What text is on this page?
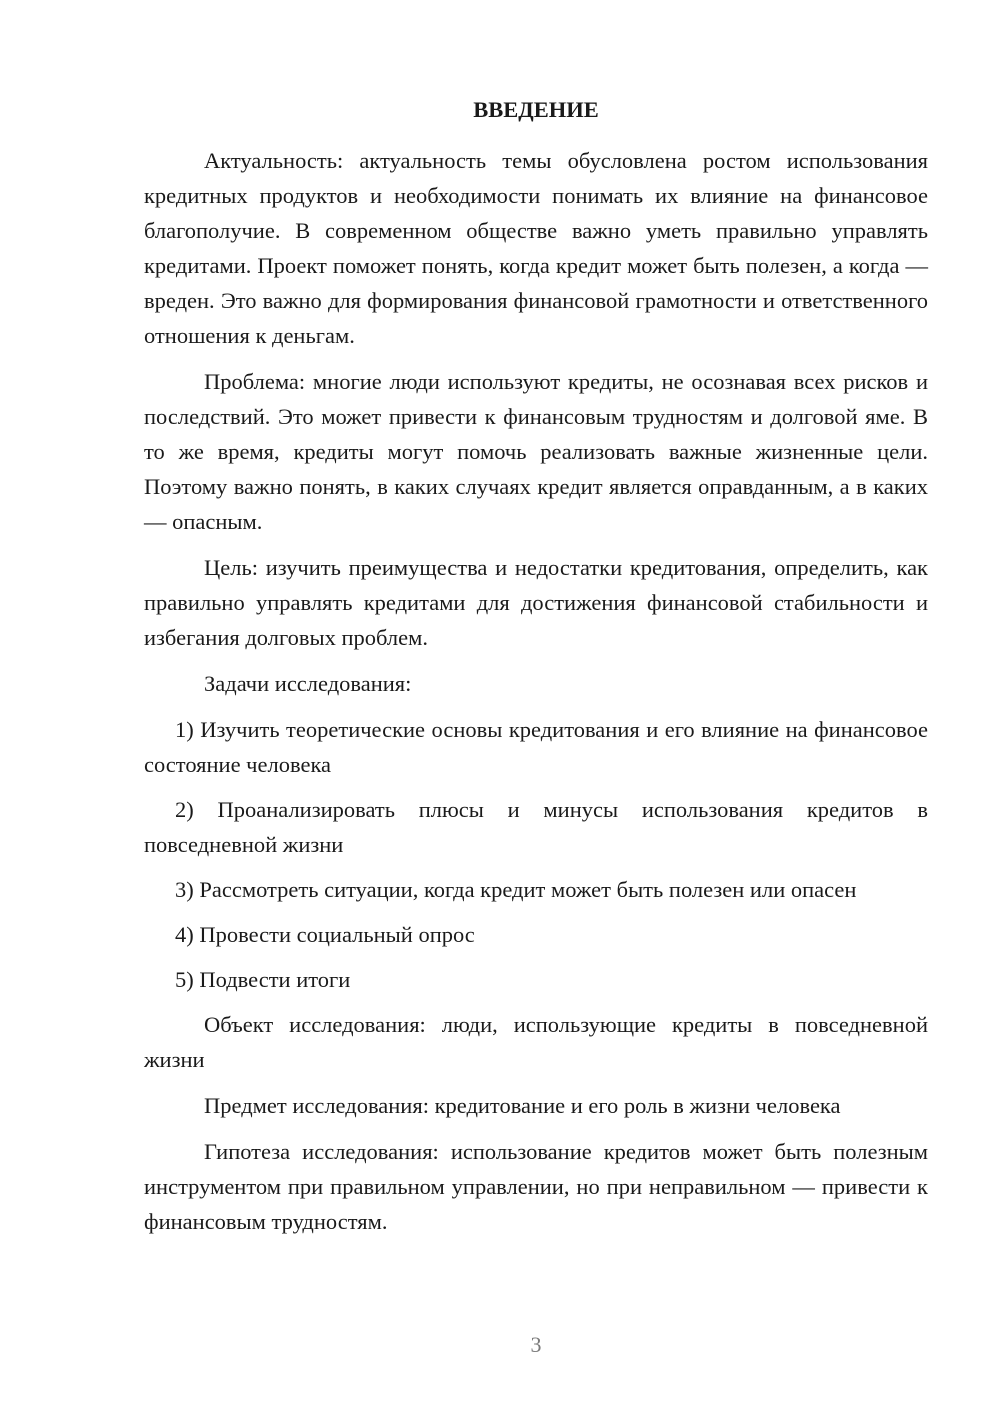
ВВЕДЕНИЕ
Актуальность: актуальность темы обусловлена ростом использования кредитных продуктов и необходимости понимать их влияние на финансовое благополучие. В современном обществе важно уметь правильно управлять кредитами. Проект поможет понять, когда кредит может быть полезен, а когда — вреден. Это важно для формирования финансовой грамотности и ответственного отношения к деньгам.
Проблема: многие люди используют кредиты, не осознавая всех рисков и последствий. Это может привести к финансовым трудностям и долговой яме. В то же время, кредиты могут помочь реализовать важные жизненные цели. Поэтому важно понять, в каких случаях кредит является оправданным, а в каких — опасным.
Цель: изучить преимущества и недостатки кредитования, определить, как правильно управлять кредитами для достижения финансовой стабильности и избегания долговых проблем.
Задачи исследования:
1) Изучить теоретические основы кредитования и его влияние на финансовое состояние человека
2) Проанализировать плюсы и минусы использования кредитов в повседневной жизни
3) Рассмотреть ситуации, когда кредит может быть полезен или опасен
4) Провести социальный опрос
5) Подвести итоги
Объект исследования: люди, использующие кредиты в повседневной жизни
Предмет исследования: кредитование и его роль в жизни человека
Гипотеза исследования: использование кредитов может быть полезным инструментом при правильном управлении, но при неправильном — привести к финансовым трудностям.
3
